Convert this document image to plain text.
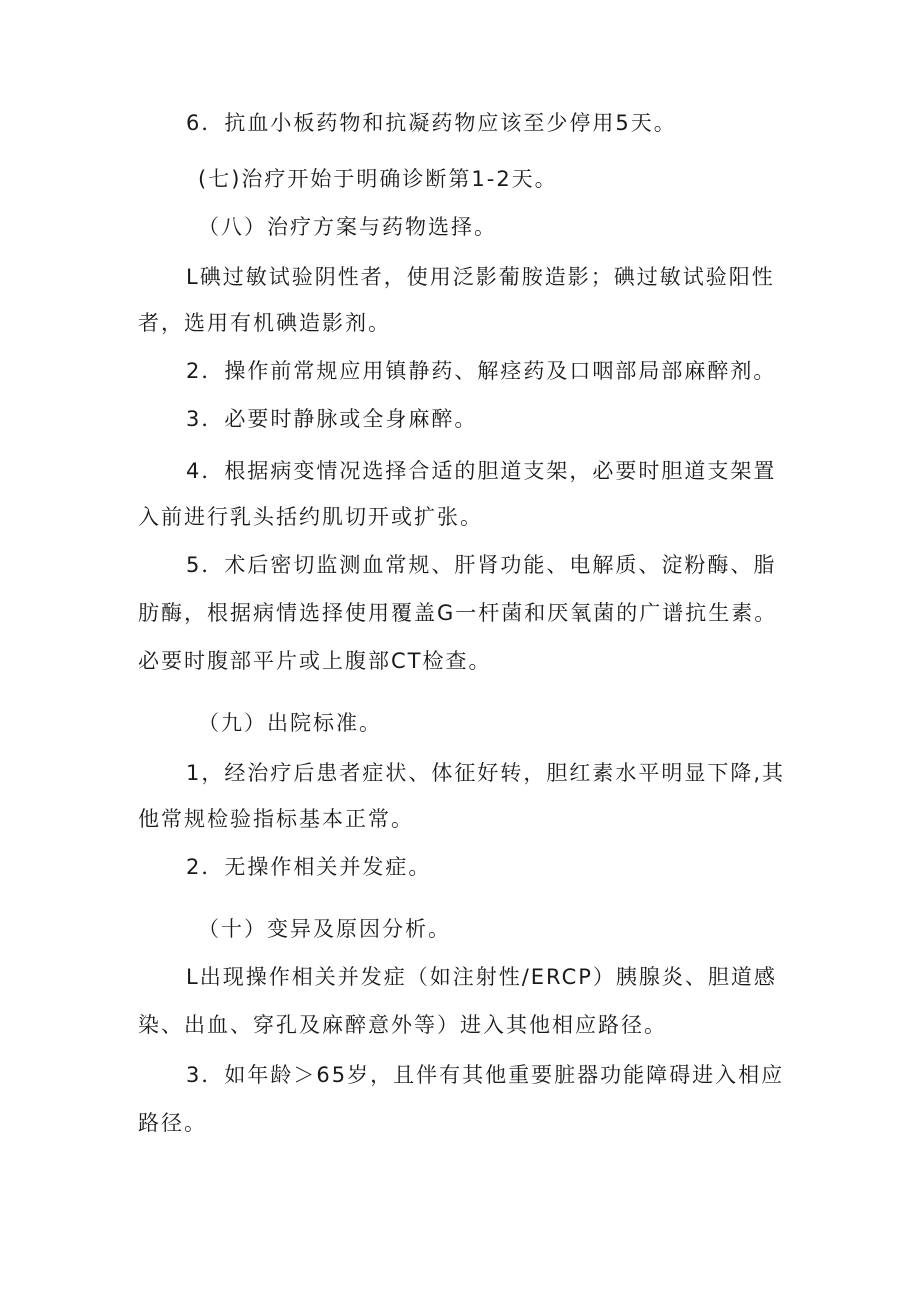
6．抗血小板药物和抗凝药物应该至少停用5天。
(七)治疗开始于明确诊断第1-2天。
（八）治疗方案与药物选择。
L碘过敏试验阴性者，使用泛影葡胺造影；碘过敏试验阳性
者，选用有机碘造影剂。
2．操作前常规应用镇静药、解痉药及口咽部局部麻醉剂。
3．必要时静脉或全身麻醉。
4．根据病变情况选择合适的胆道支架，必要时胆道支架置
入前进行乳头括约肌切开或扩张。
5．术后密切监测血常规、肝肾功能、电解质、淀粉酶、脂
肪酶，根据病情选择使用覆盖G一杆菌和厌氧菌的广谱抗生素。
必要时腹部平片或上腹部CT检查。
（九）出院标准。
1，经治疗后患者症状、体征好转，胆红素水平明显下降,其
他常规检验指标基本正常。
2．无操作相关并发症。
（十）变异及原因分析。
L出现操作相关并发症（如注射性/ERCP）胰腺炎、胆道感
染、出血、穿孔及麻醉意外等）进入其他相应路径。
3．如年龄＞65岁，且伴有其他重要脏器功能障碍进入相应
路径。
